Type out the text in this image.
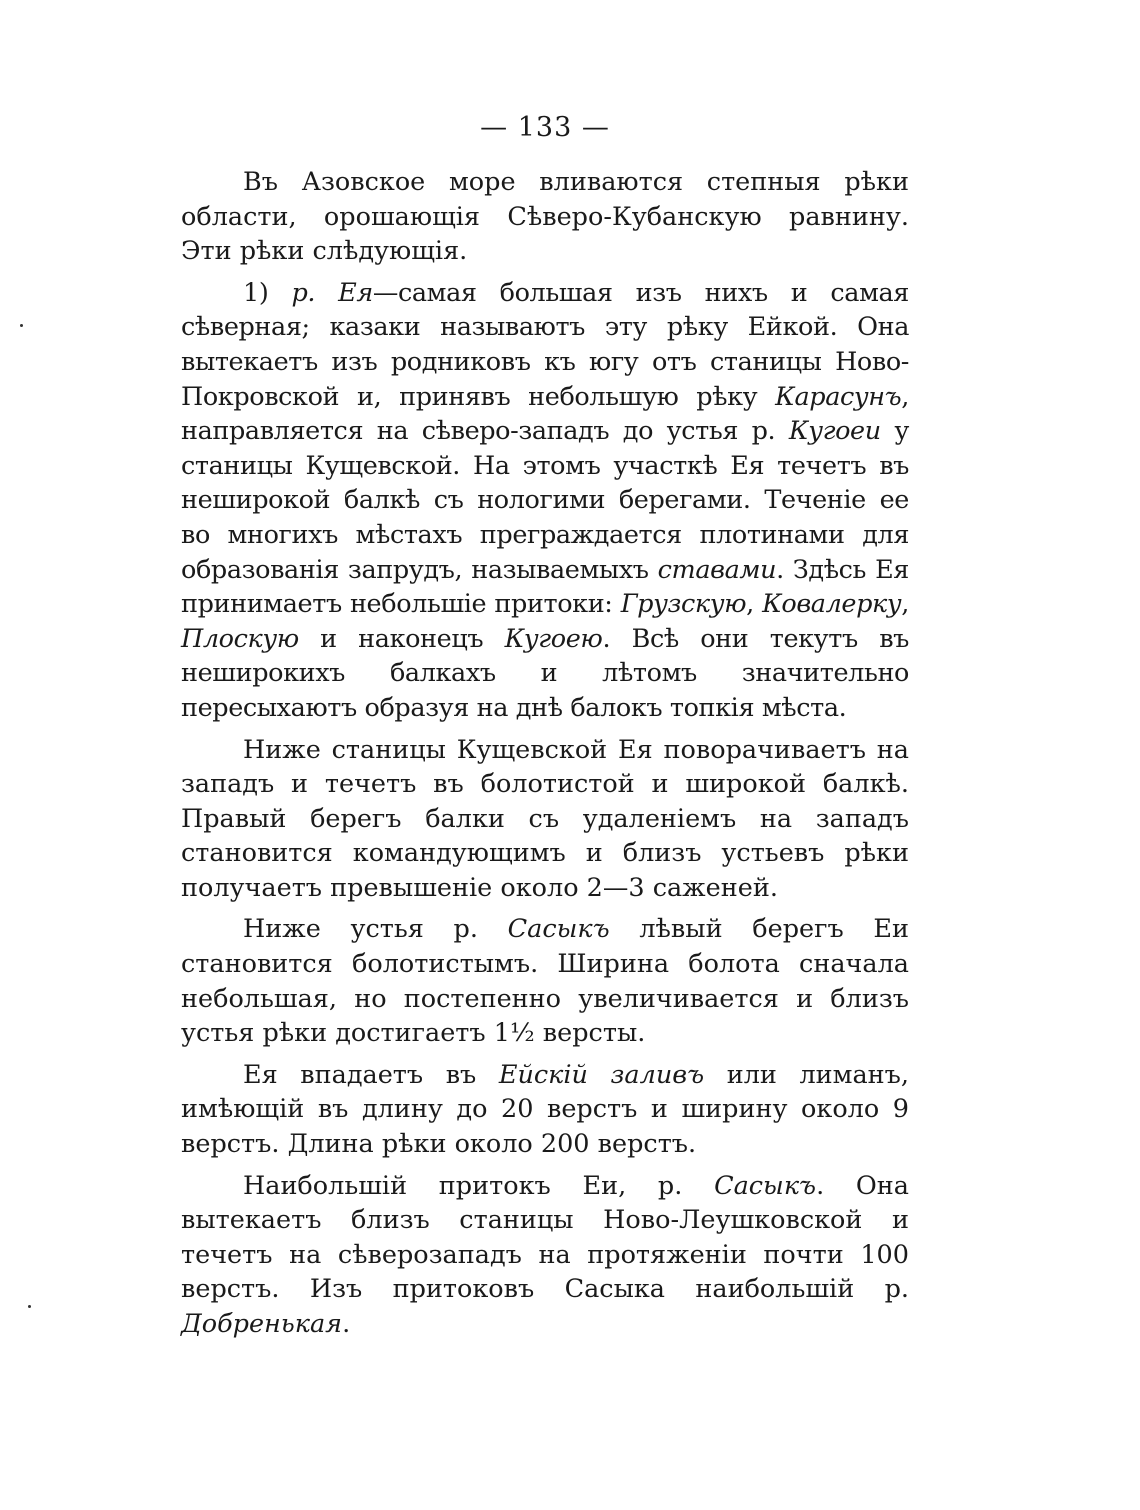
— 133 —

Въ Азовское море вливаются степныя рѣки области, орошающія Сѣверо-Кубанскую равнину. Эти рѣки слѣдующія.

1) р. Ея—самая большая изъ нихъ и самая сѣверная; казаки называютъ эту рѣку Ейкой. Она вытекаетъ изъ родниковъ къ югу отъ станицы Ново-Покровской и, принявъ небольшую рѣку Карасунъ, направляется на сѣверо-западъ до устья р. Кугоеи у станицы Кущевской. На этомъ участкѣ Ея течетъ въ неширокой балкѣ съ нологими берегами. Теченіе ее во многихъ мѣстахъ преграждается плотинами для образованія запрудъ, называемыхъ ставами. Здѣсь Ея принимаетъ небольшіе притоки: Грузскую, Ковалерку, Плоскую и наконецъ Кугоею. Всѣ они текутъ въ неширокихъ балкахъ и лѣтомъ значительно пересыхаютъ образуя на днѣ балокъ топкія мѣста.

Ниже станицы Кущевской Ея поворачиваетъ на западъ и течетъ въ болотистой и широкой балкѣ. Правый берегъ балки съ удаленіемъ на западъ становится командующимъ и близъ устьевъ рѣки получаетъ превышеніе около 2—3 саженей.

Ниже устья р. Сасыкъ лѣвый берегъ Еи становится болотистымъ. Ширина болота сначала небольшая, но постепенно увеличивается и близъ устья рѣки достигаетъ 1½ версты.

Ея впадаетъ въ Ейскій заливъ или лиманъ, имѣющій въ длину до 20 верстъ и ширину около 9 верстъ. Длина рѣки около 200 верстъ.

Наибольшій притокъ Еи, р. Сасыкъ. Она вытекаетъ близъ станицы Ново-Леушковской и течетъ на сѣверозападъ на протяженіи почти 100 верстъ. Изъ притоковъ Сасыка наибольшій р. Добренькая.
